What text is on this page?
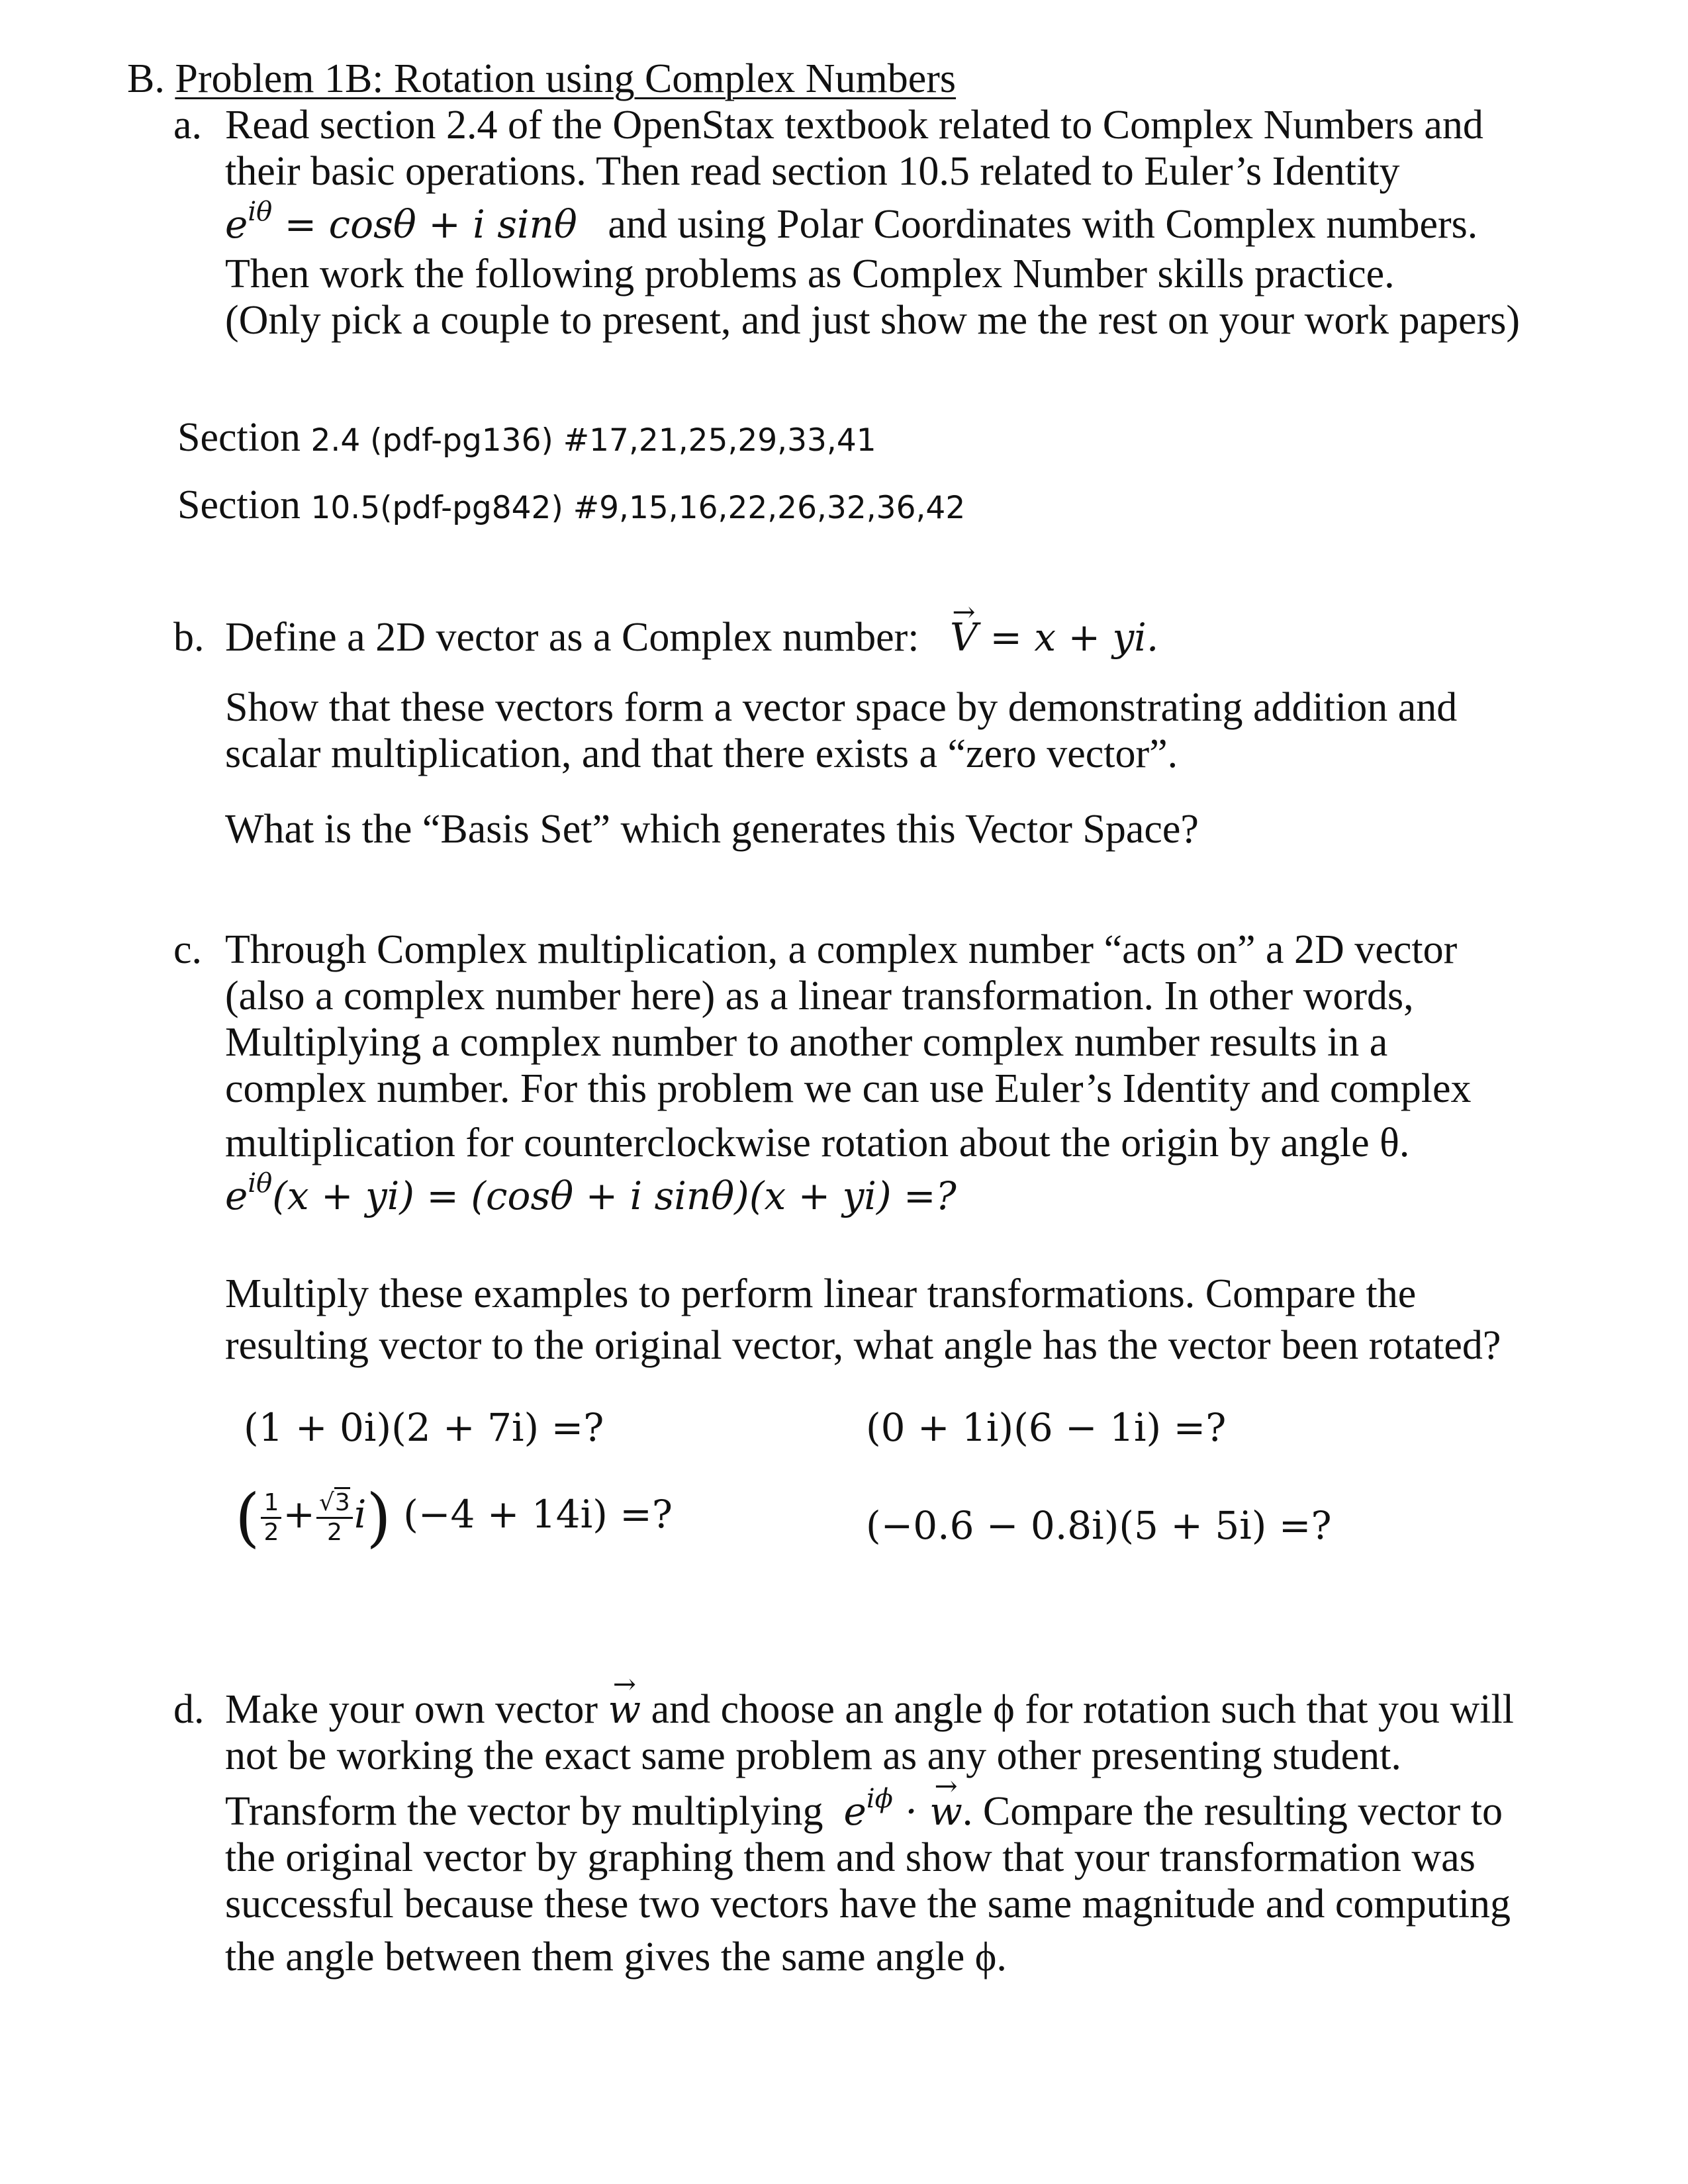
B. Problem 1B: Rotation using Complex Numbers
a. Read section 2.4 of the OpenStax textbook related to Complex Numbers and
their basic operations. Then read section 10.5 related to Euler’s Identity
$e^{i\theta} = \cos\theta + i$ sinθ and using Polar Coordinates with Complex numbers.
Then work the following problems as Complex Number skills practice.
(Only pick a couple to present, and just show me the rest on your work papers)
Section 2.4 (pdf-pg136) #17,21,25,29,33,41
Section 10.5(pdf-pg842) #9,15,16,22,26,32,36,42
b. Define a 2D vector as a Complex number: → V = x + yi.
Show that these vectors form a vector space by demonstrating addition and
scalar multiplication, and that there exists a “zero vector”.
What is the “Basis Set” which generates this Vector Space?
c. Through Complex multiplication, a complex number “acts on” a 2D vector
(also a complex number here) as a linear transformation. In other words,
Multiplying a complex number to another complex number results in a
complex number. For this problem we can use Euler’s Identity and complex
multiplication for counterclockwise rotation about the origin by angle θ.
$e^{i\theta}(x + yi) = (\cos\theta + i$ sinθ)(x + yi) =?
Multiply these examples to perform linear transformations. Compare the
resulting vector to the original vector, what angle has the vector been rotated?
(1 + 0i)(2 + 7i) =?	(0 + 1i)(6 − 1i) =?
( $\frac{1}{2} + \frac{√3}{2} i$) (−4 + 14i) =?	(−0.6 − 0.8i)(5 + 5i) =?
d. Make your own vector → w and choose an angle ϕ for rotation such that you will
not be working the exact same problem as any other presenting student.
Transform the vector by multiplying $e^{i\phi}$ · → w. Compare the resulting vector to
the original vector by graphing them and show that your transformation was
successful because these two vectors have the same magnitude and computing
the angle between them gives the same angle ϕ.
